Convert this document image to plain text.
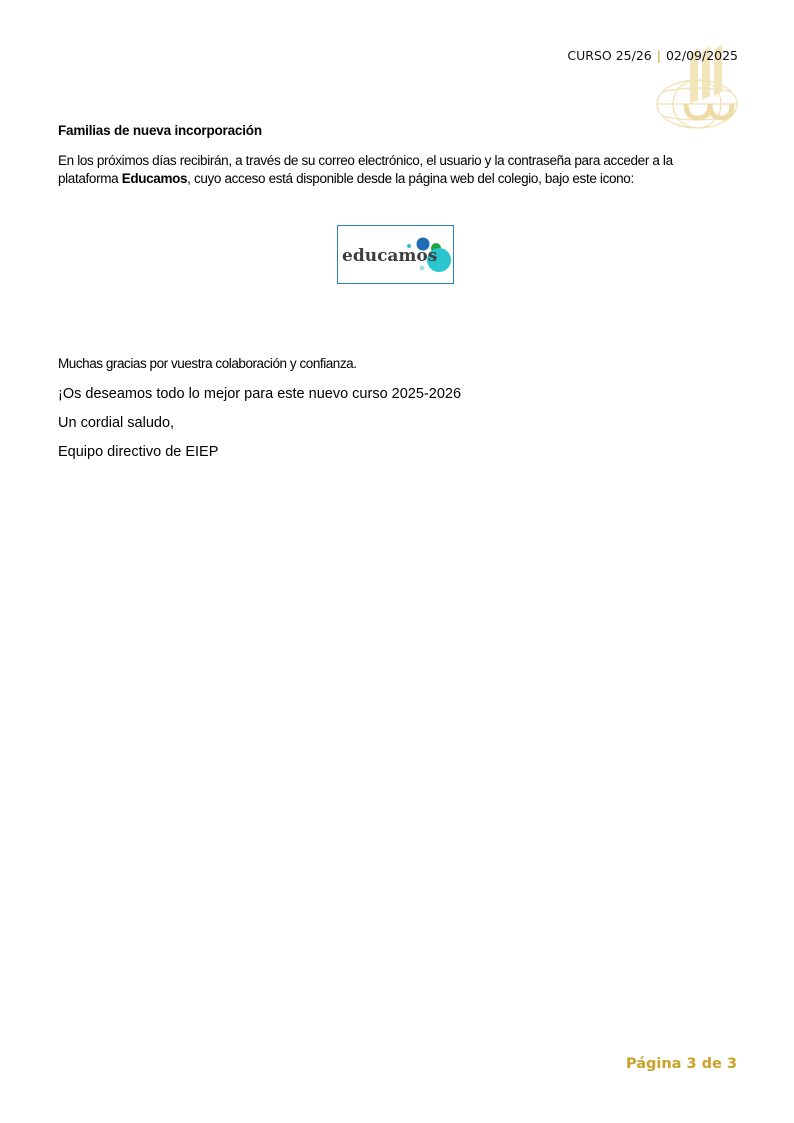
CURSO 25/26 | 02/09/2025
Familias de nueva incorporación

En los próximos días recibirán, a través de su correo electrónico, el usuario y la contraseña para acceder a la plataforma Educamos, cuyo acceso está disponible desde la página web del colegio, bajo este icono:

educamos
Muchas gracias por vuestra colaboración y confianza.
¡Os deseamos todo lo mejor para este nuevo curso 2025-2026
Un cordial saludo,
Equipo directivo de EIEP
Página 3 de 3
